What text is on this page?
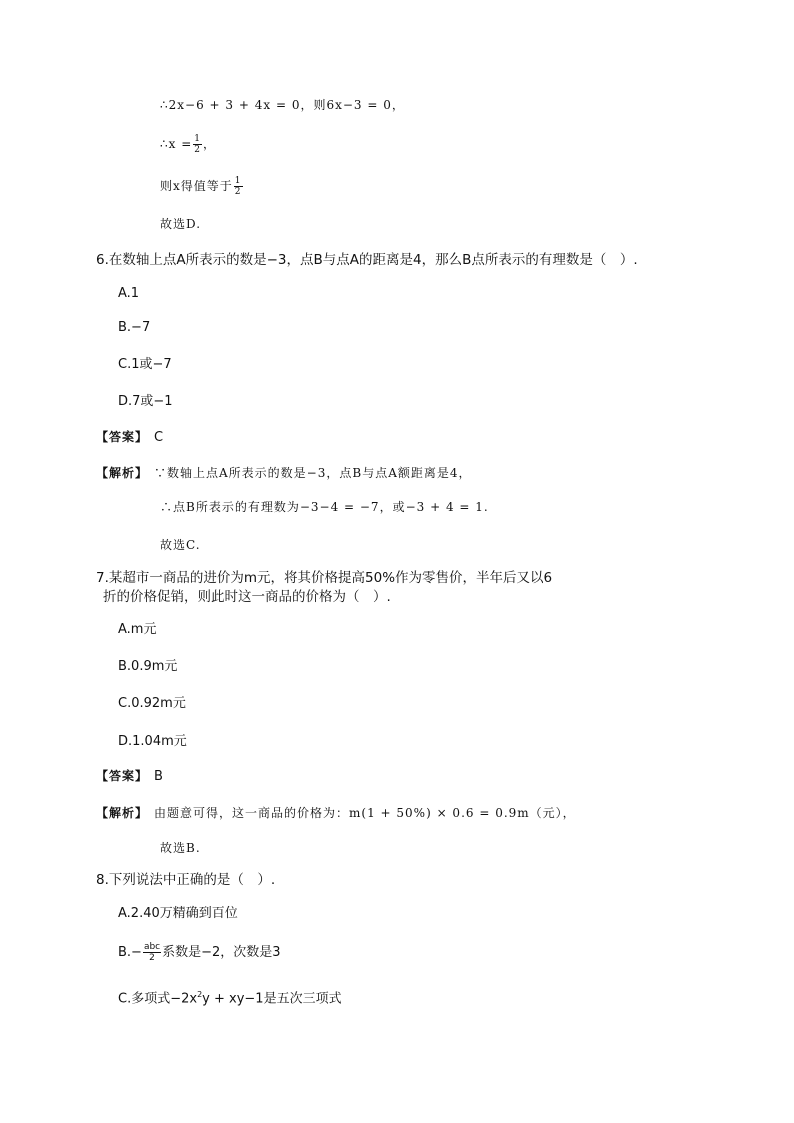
∴2x−6 + 3 + 4x = 0，则6x−3 = 0，
∴x = $\frac{1}{2}$ ，
则x得值等于 $\frac{1}{2}$
故选D.
6.在数轴上点A所表示的数是−3，点B与点A的距离是4，那么B点所表示的有理数是（　）.
A.1
B.−7
C.1或−7
D.7或−1
【答案】 C
【解析】 ∵数轴上点A所表示的数是−3，点B与点A额距离是4，
∴点B所表示的有理数为−3−4 = −7，或−3 + 4 = 1.
故选C.
7.某超市一商品的进价为m元，将其价格提高50%作为零售价，半年后又以6
折的价格促销，则此时这一商品的价格为（　）.
A.m元
B.0.9m元
C.0.92m元
D.1.04m元
【答案】 B
【解析】 由题意可得，这一商品的价格为：m(1 + 50%) × 0.6 = 0.9m（元），
故选B.
8.下列说法中正确的是（　）.
A.2.40万精确到百位
$B.- \frac{\text{abc}}{2}$ 系数是−2，次数是3
C.多项式$-2x^2y + xy-1$是五次三项式
